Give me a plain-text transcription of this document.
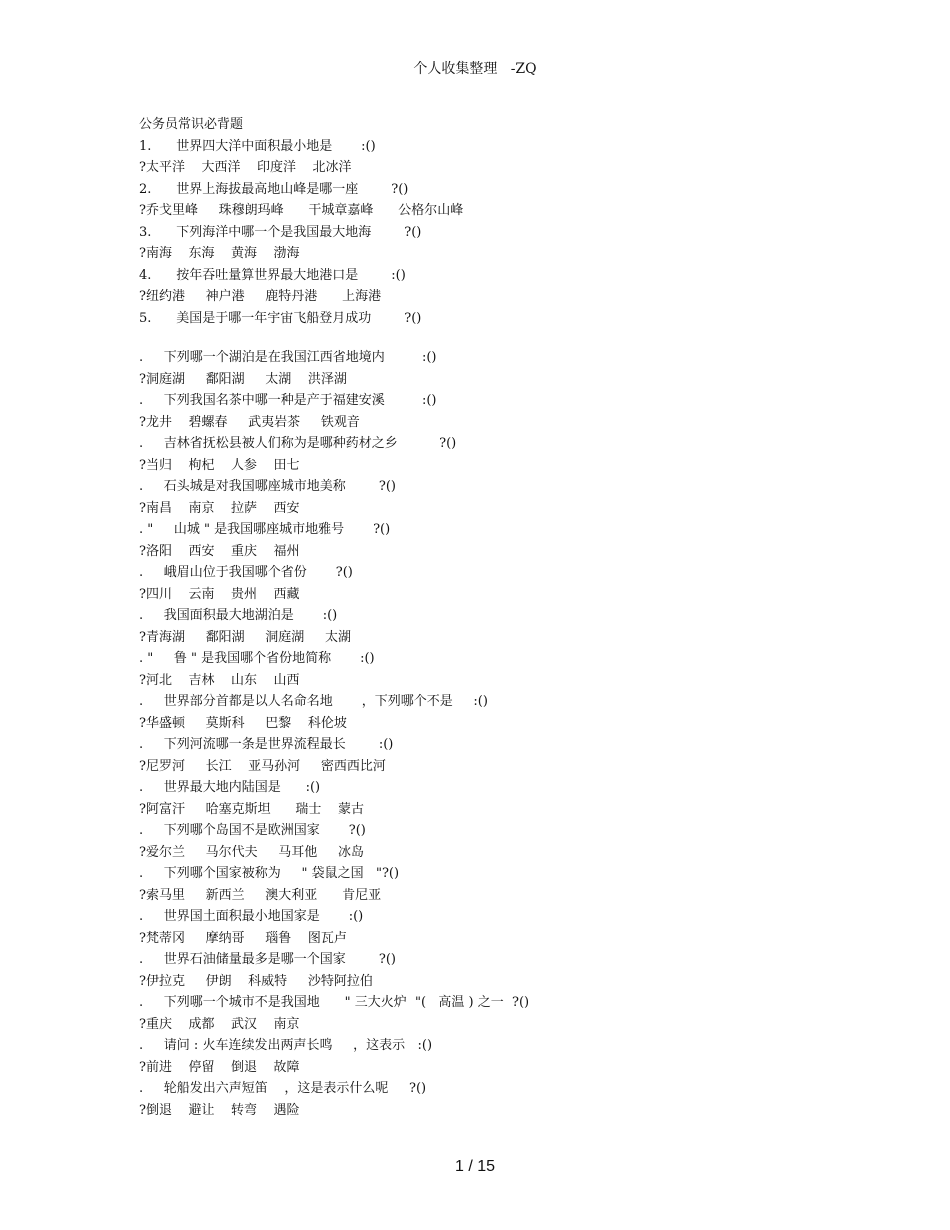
个人收集整理   -ZQ
公务员常识必背题
1.      世界四大洋中面积最小地是       :()
?太平洋    大西洋    印度洋    北冰洋
2.      世界上海拔最高地山峰是哪一座        ?()
?乔戈里峰     珠穆朗玛峰      干城章嘉峰      公格尔山峰
3.      下列海洋中哪一个是我国最大地海        ?()
?南海    东海    黄海    渤海
4.      按年吞吐量算世界最大地港口是        :()
?纽约港     神户港     鹿特丹港      上海港
5.      美国是于哪一年宇宙飞船登月成功        ?()
.     下列哪一个湖泊是在我国江西省地境内         :()
?洞庭湖     鄱阳湖     太湖    洪泽湖
.     下列我国名茶中哪一种是产于福建安溪         :()
?龙井    碧螺春     武夷岩茶     铁观音
.     吉林省抚松县被人们称为是哪种药材之乡          ?()
?当归    枸杞    人参    田七
.     石头城是对我国哪座城市地美称        ?()
?南昌    南京    拉萨    西安
. "     山城 " 是我国哪座城市地雅号       ?()
?洛阳    西安    重庆    福州
.     峨眉山位于我国哪个省份       ?()
?四川    云南    贵州    西藏
.     我国面积最大地湖泊是       :()
?青海湖     鄱阳湖     洞庭湖     太湖
. "     鲁 " 是我国哪个省份地简称       :()
?河北    吉林    山东    山西
.     世界部分首都是以人名命名地       ，下列哪个不是     :()
?华盛顿     莫斯科     巴黎    科伦坡
.     下列河流哪一条是世界流程最长        :()
?尼罗河     长江    亚马孙河     密西西比河
.     世界最大地内陆国是      :()
?阿富汗     哈塞克斯坦      瑞士    蒙古
.     下列哪个岛国不是欧洲国家       ?()
?爱尔兰     马尔代夫     马耳他     冰岛
.     下列哪个国家被称为     " 袋鼠之国   "?()
?索马里     新西兰     澳大利亚      肯尼亚
.     世界国土面积最小地国家是       :()
?梵蒂冈     摩纳哥     瑙鲁    图瓦卢
.     世界石油储量最多是哪一个国家        ?()
?伊拉克     伊朗    科威特     沙特阿拉伯
.     下列哪一个城市不是我国地      " 三大火炉  "(   高温 ) 之一  ?()
?重庆    成都    武汉    南京
.     请问 : 火车连续发出两声长鸣     ，这表示   :()
?前进    停留    倒退    故障
.     轮船发出六声短笛    ，这是表示什么呢     ?()
?倒退    避让    转弯    遇险
1 / 15
